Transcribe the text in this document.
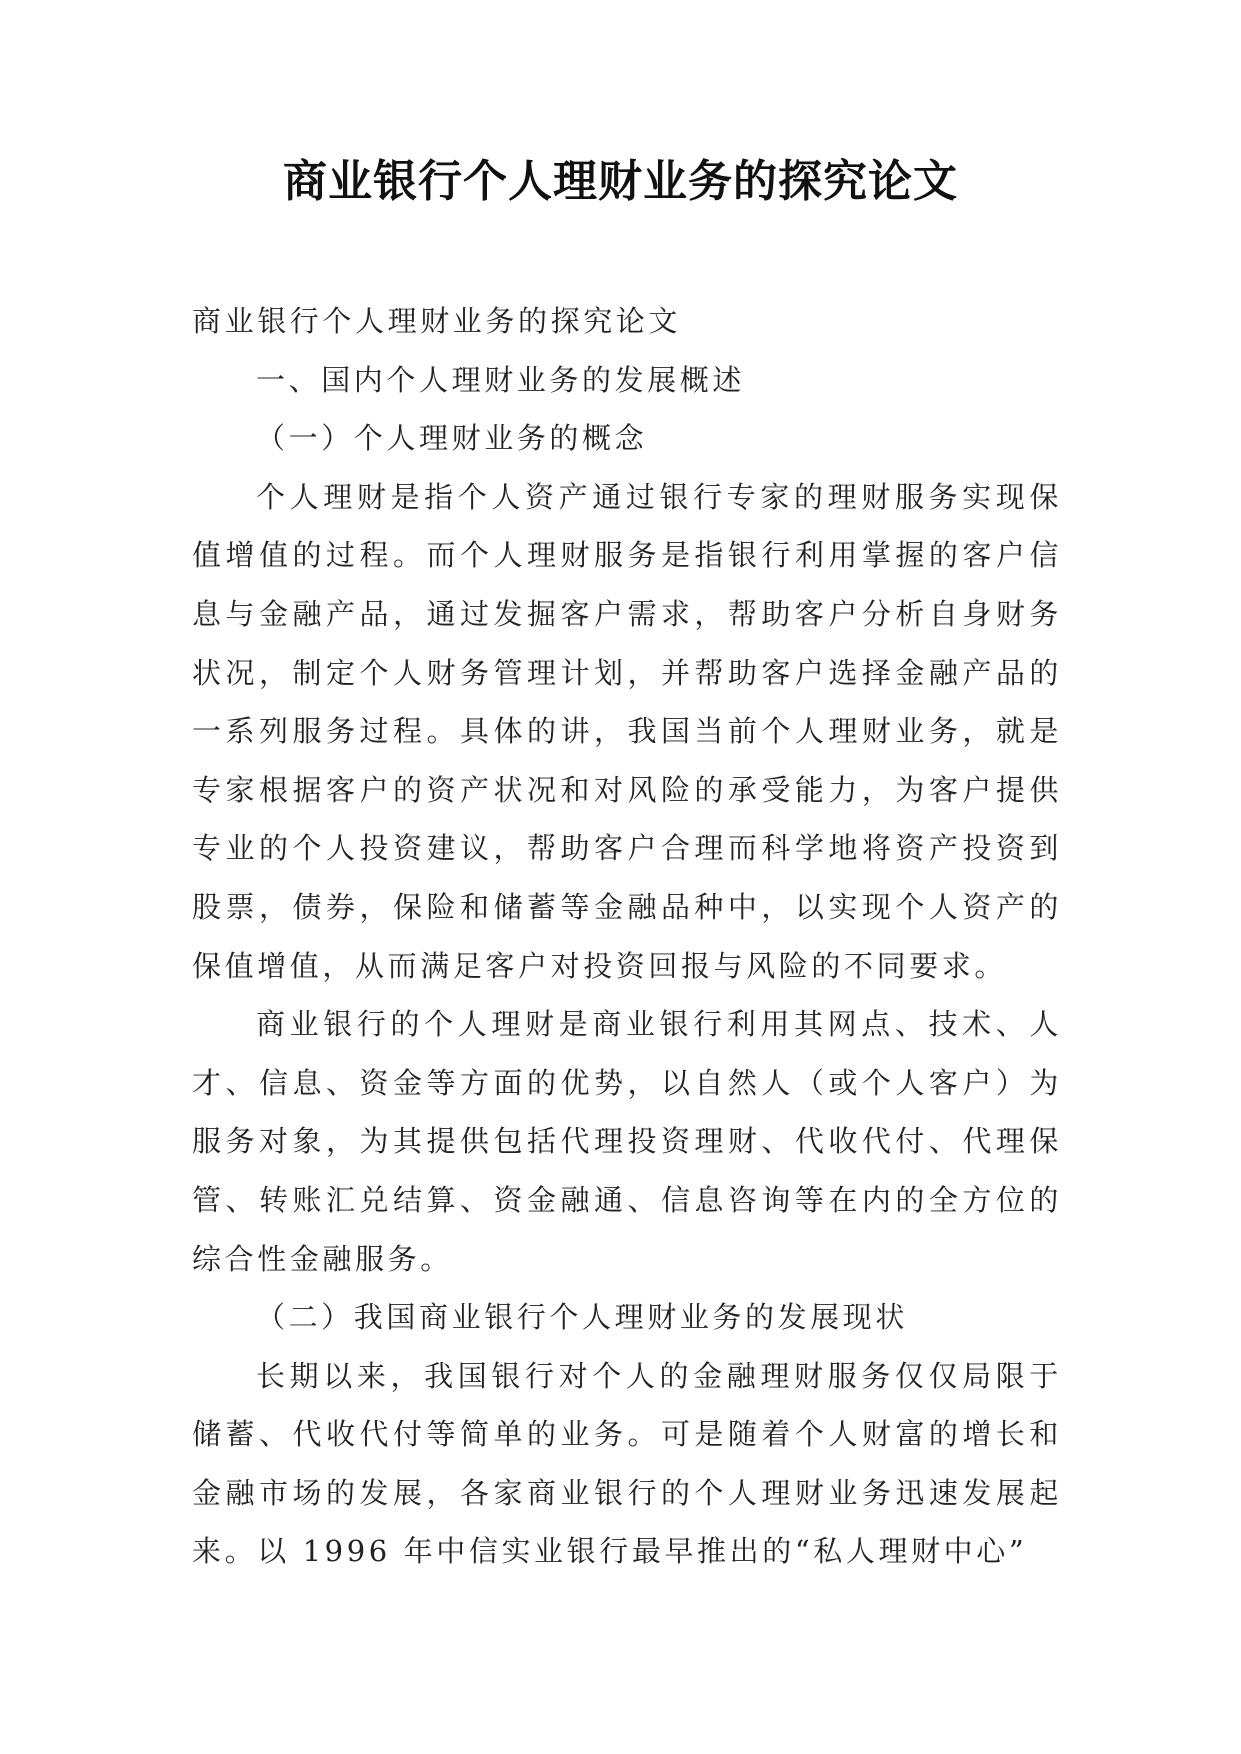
商业银行个人理财业务的探究论文

商业银行个人理财业务的探究论文

一、国内个人理财业务的发展概述

（一）个人理财业务的概念

个人理财是指个人资产通过银行专家的理财服务实现保值增值的过程。而个人理财服务是指银行利用掌握的客户信息与金融产品，通过发掘客户需求，帮助客户分析自身财务状况，制定个人财务管理计划，并帮助客户选择金融产品的一系列服务过程。具体的讲，我国当前个人理财业务，就是专家根据客户的资产状况和对风险的承受能力，为客户提供专业的个人投资建议，帮助客户合理而科学地将资产投资到股票，债券，保险和储蓄等金融品种中，以实现个人资产的保值增值，从而满足客户对投资回报与风险的不同要求。

商业银行的个人理财是商业银行利用其网点、技术、人才、信息、资金等方面的优势，以自然人（或个人客户）为服务对象，为其提供包括代理投资理财、代收代付、代理保管、转账汇兑结算、资金融通、信息咨询等在内的全方位的综合性金融服务。

（二）我国商业银行个人理财业务的发展现状

长期以来，我国银行对个人的金融理财服务仅仅局限于储蓄、代收代付等简单的业务。可是随着个人财富的增长和金融市场的发展，各家商业银行的个人理财业务迅速发展起来。以 1996 年中信实业银行最早推出的“私人理财中心”
